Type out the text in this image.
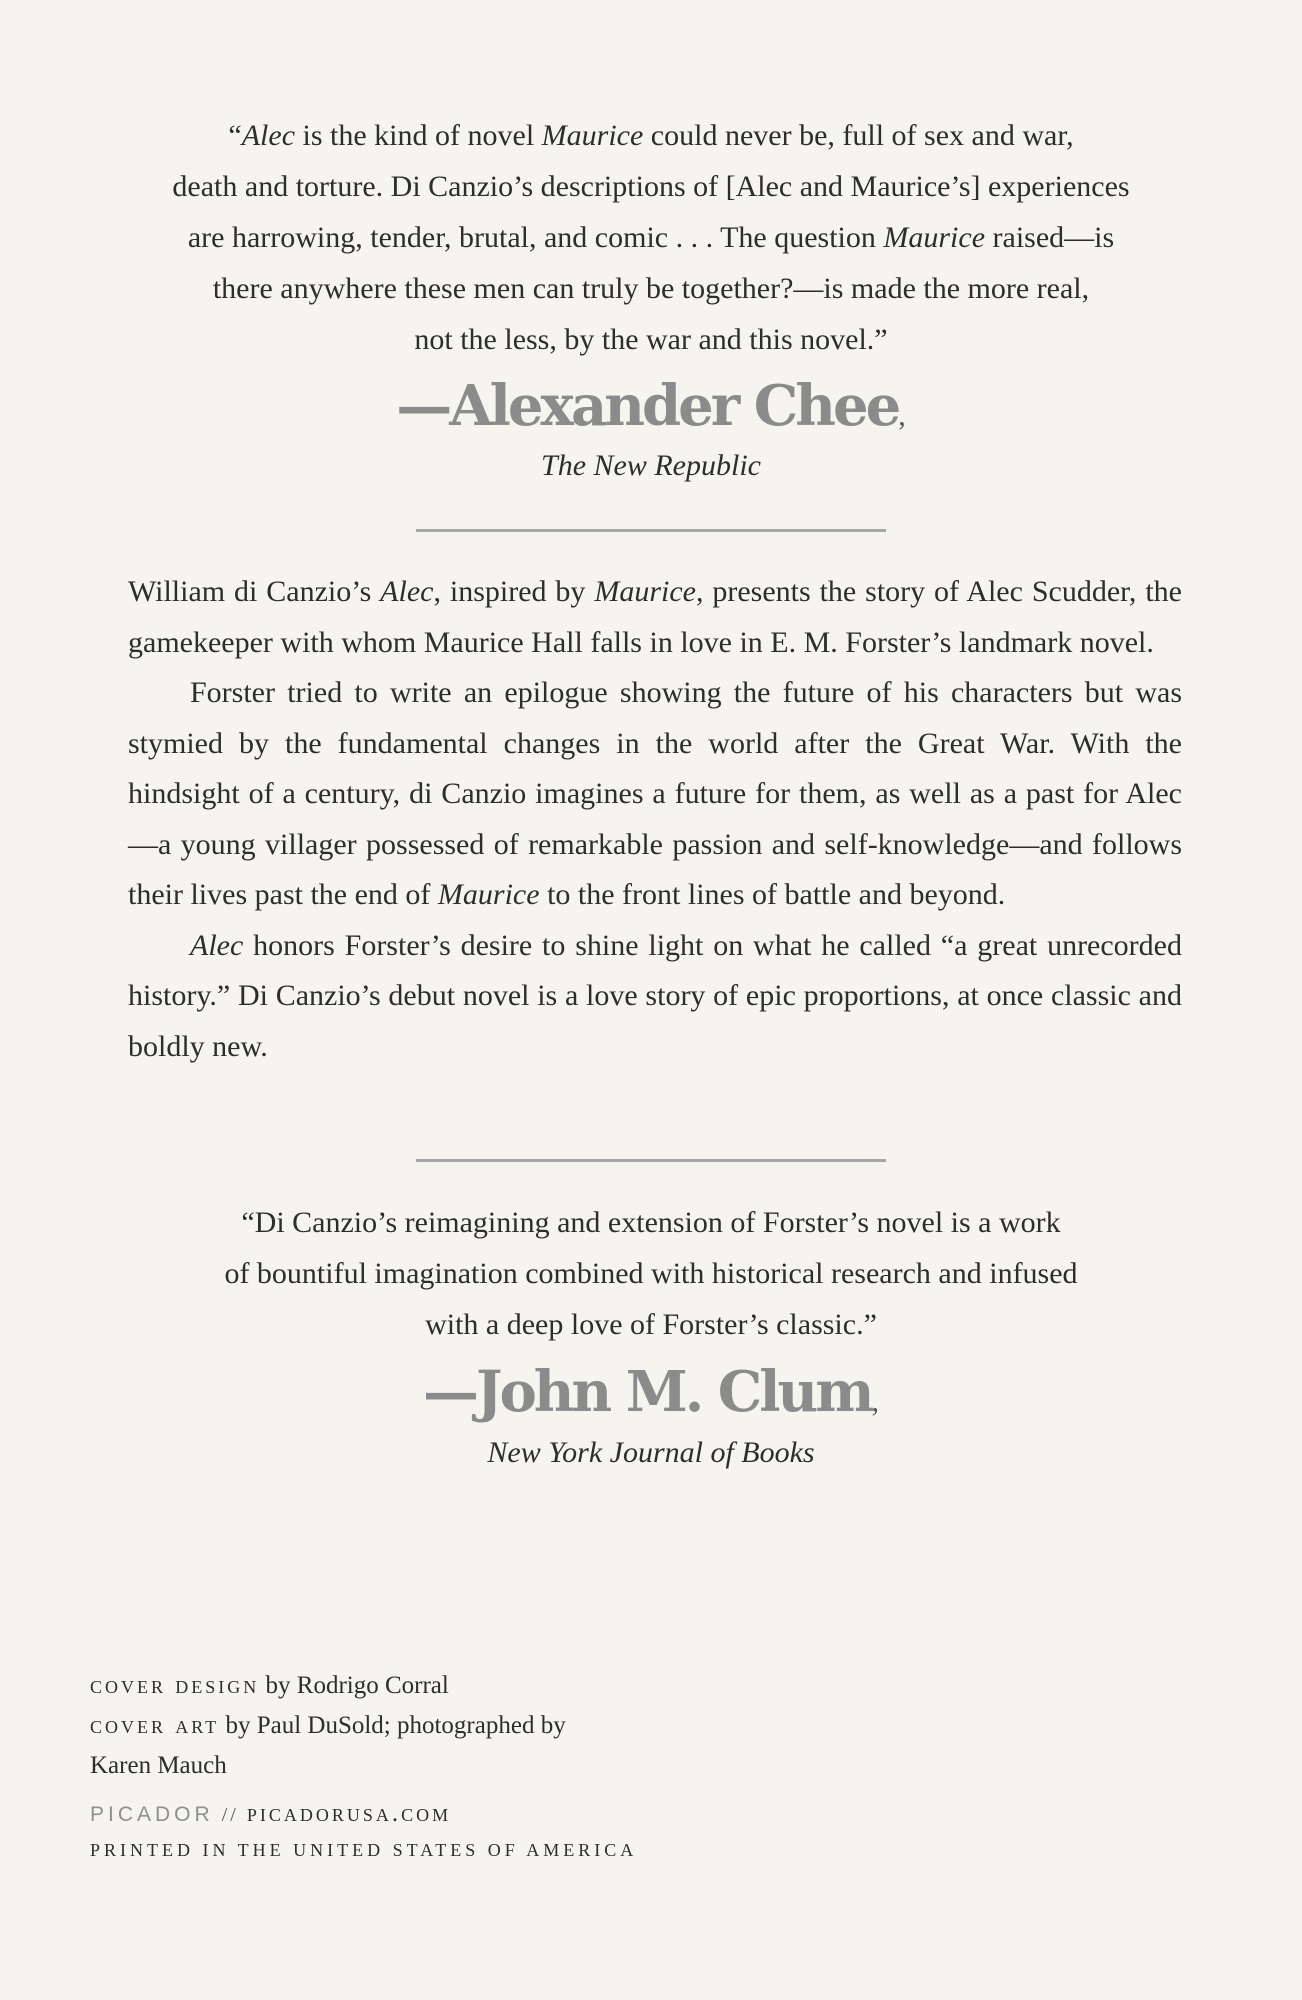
“Alec is the kind of novel Maurice could never be, full of sex and war,

death and torture. Di Canzio’s descriptions of [Alec and Maurice’s] experiences

are harrowing, tender, brutal, and comic . . . The question Maurice raised—is

there anywhere these men can truly be together?—is made the more real,

not the less, by the war and this novel.”

—Alexander Chee,
The New Republic

William di Canzio’s Alec, inspired by Maurice, presents the story of Alec Scudder, the gamekeeper with whom Maurice Hall falls in love in E. M. Forster’s landmark novel.

Forster tried to write an epilogue showing the future of his characters but was stymied by the fundamental changes in the world after the Great War. With the hindsight of a century, di Canzio imagines a future for them, as well as a past for Alec—a young villager possessed of remarkable passion and self-knowledge—and follows their lives past the end of Maurice to the front lines of battle and beyond.

Alec honors Forster’s desire to shine light on what he called “a great unrecorded history.” Di Canzio’s debut novel is a love story of epic proportions, at once classic and boldly new.

“Di Canzio’s reimagining and extension of Forster’s novel is a work

of bountiful imagination combined with historical research and infused

with a deep love of Forster’s classic.”

—John M. Clum,
New York Journal of Books

cover design by Rodrigo Corral

cover art by Paul DuSold; photographed by

Karen Mauch

PICADOR // picadorusa.com
PRINTED IN THE UNITED STATES OF AMERICA
